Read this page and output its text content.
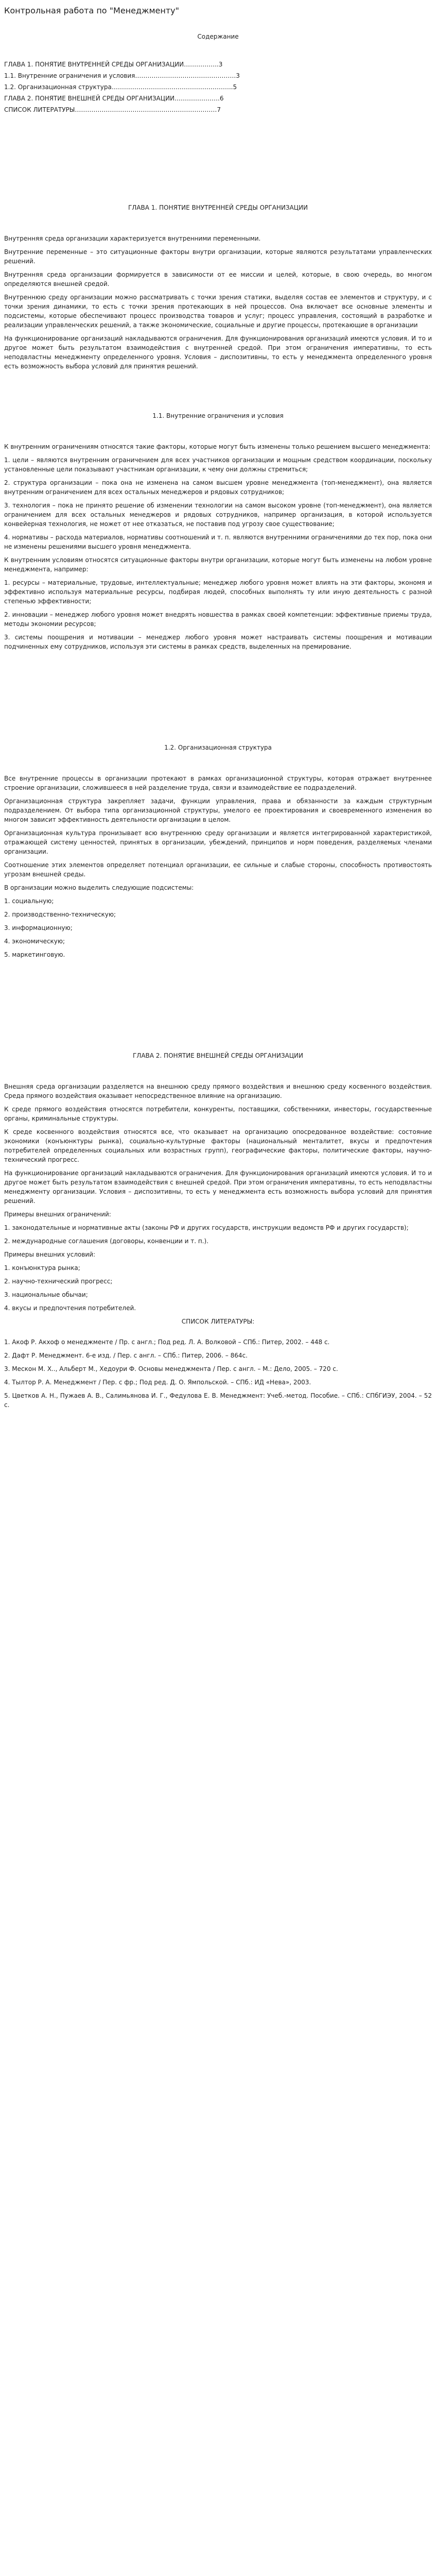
Контрольная работа по "Менеджменту"
Содержание
ГЛАВА 1. ПОНЯТИЕ ВНУТРЕННЕЙ СРЕДЫ ОРГАНИЗАЦИИ……………..3
1.1. Внутренние ограничения и условия………………………………………….3
1.2. Организационная структура…………………………………………………..5
ГЛАВА 2. ПОНЯТИЕ ВНЕШНЕЙ СРЕДЫ ОРГАНИЗАЦИИ………………….6
СПИСОК ЛИТЕРАТУРЫ……………………………………………………………7
ГЛАВА 1. ПОНЯТИЕ ВНУТРЕННЕЙ СРЕДЫ ОРГАНИЗАЦИИ

Внутренняя среда организации характеризуется внутренними переменными.

Внутренние переменные – это ситуационные факторы внутри организации, которые являются результатами управленческих решений.

Внутренняя среда организации формируется в зависимости от ее миссии и целей, которые, в свою очередь, во многом определяются внешней средой.

Внутреннюю среду организации можно рассматривать с точки зрения статики, выделяя состав ее элементов и структуру, и с точки зрения динамики, то есть с точки зрения протекающих в ней процессов. Она включает все основные элементы и подсистемы, которые обеспечивают процесс производства товаров и услуг; процесс управления, состоящий в разработке и реализации управленческих решений, а также экономические, социальные и другие процессы, протекающие в организации

На функционирование организаций накладываются ограничения. Для функционирования организаций имеются условия. И то и другое может быть результатом взаимодействия с внутренней средой. При этом ограничения императивны, то есть неподвластны менеджменту определенного уровня. Условия – диспозитивны, то есть у менеджмента определенного уровня есть возможность выбора условий для принятия решений.

1.1. Внутренние ограничения и условия

К внутренним ограничениям относятся такие факторы, которые могут быть изменены только решением высшего менеджмента:

1. цели – являются внутренним ограничением для всех участников организации и мощным средством координации, поскольку установленные цели показывают участникам организации, к чему они должны стремиться;

2. структура организации – пока она не изменена на самом высшем уровне менеджмента (топ-менеджмент), она является внутренним ограничением для всех остальных менеджеров и рядовых сотрудников;

3. технология – пока не принято решение об изменении технологии на самом высоком уровне (топ-менеджмент), она является ограничением для всех остальных менеджеров и рядовых сотрудников, например организация, в которой используется конвейерная технология, не может от нее отказаться, не поставив под угрозу свое существование;

4. нормативы – расхода материалов, нормативы соотношений и т. п. являются внутренними ограничениями до тех пор, пока они не изменены решениями высшего уровня менеджмента.

К внутренним условиям относятся ситуационные факторы внутри организации, которые могут быть изменены на любом уровне менеджмента, например:

1. ресурсы – материальные, трудовые, интеллектуальные; менеджер любого уровня может влиять на эти факторы, экономя и эффективно используя материальные ресурсы, подбирая людей, способных выполнять ту или иную деятельность с разной степенью эффективности;

2. инновации – менеджер любого уровня может внедрять новшества в рамках своей компетенции: эффективные приемы труда, методы экономии ресурсов;

3. системы поощрения и мотивации – менеджер любого уровня может настраивать системы поощрения и мотивации подчиненных ему сотрудников, используя эти системы в рамках средств, выделенных на премирование.

1.2. Организационная структура

Все внутренние процессы в организации протекают в рамках организационной структуры, которая отражает внутреннее строение организации, сложившееся в ней разделение труда, связи и взаимодействие ее подразделений.

Организационная структура закрепляет задачи, функции управления, права и обязанности за каждым структурным подразделением. От выбора типа организационной структуры, умелого ее проектирования и своевременного изменения во многом зависит эффективность деятельности организации в целом.

Организационная культура пронизывает всю внутреннюю среду организации и является интегрированной характеристикой, отражающей систему ценностей, принятых в организации, убеждений, принципов и норм поведения, разделяемых членами организации.

Соотношение этих элементов определяет потенциал организации, ее сильные и слабые стороны, способность противостоять угрозам внешней среды.

В организации можно выделить следующие подсистемы:

1. социальную;

2. производственно-техническую;

3. информационную;

4. экономическую;

5. маркетинговую.

ГЛАВА 2. ПОНЯТИЕ ВНЕШНЕЙ СРЕДЫ ОРГАНИЗАЦИИ

Внешняя среда организации разделяется на внешнюю среду прямого воздействия и внешнюю среду косвенного воздействия. Среда прямого воздействия оказывает непосредственное влияние на организацию.

К среде прямого воздействия относятся потребители, конкуренты, поставщики, собственники, инвесторы, государственные органы, криминальные структуры.

К среде косвенного воздействия относятся все, что оказывает на организацию опосредованное воздействие: состояние экономики (конъюнктуры рынка), социально-культурные факторы (национальный менталитет, вкусы и предпочтения потребителей определенных социальных или возрастных групп), географические факторы, политические факторы, научно-технический прогресс.

На функционирование организаций накладываются ограничения. Для функционирования организаций имеются условия. И то и другое может быть результатом взаимодействия с внешней средой. При этом ограничения императивны, то есть неподвластны менеджменту организации. Условия – диспозитивны, то есть у менеджмента есть возможность выбора условий для принятия решений.

Примеры внешних ограничений:

1. законодательные и нормативные акты (законы РФ и других государств, инструкции ведомств РФ и других государств);

2. международные соглашения (договоры, конвенции и т. п.).

Примеры внешних условий:

1. конъюнктура рынка;

2. научно-технический прогресс;

3. национальные обычаи;

4. вкусы и предпочтения потребителей.

СПИСОК ЛИТЕРАТУРЫ:

1. Акоф Р. Акхоф о менеджменте / Пр. с англ.; Под ред. Л. А. Волковой – СПб.: Питер, 2002. – 448 с.

2. Дафт Р. Менеджмент. 6-е изд. / Пер. с англ. – СПб.: Питер, 2006. – 864с.

3. Мескон М. Х.., Альберт М., Хедоури Ф. Основы менеджмента / Пер. с англ. – М.: Дело, 2005. – 720 с.

4. Тылтор Р. А. Менеджмент / Пер. с фр.; Под ред. Д. О. Ямпольской. – СПб.: ИД «Нева», 2003.

5. Цветков А. Н., Пужаев А. В., Салимьянова И. Г., Федулова Е. В. Менеджмент: Учеб.-метод. Пособие. – СПб.: СПбГИЭУ, 2004. – 52 с.
